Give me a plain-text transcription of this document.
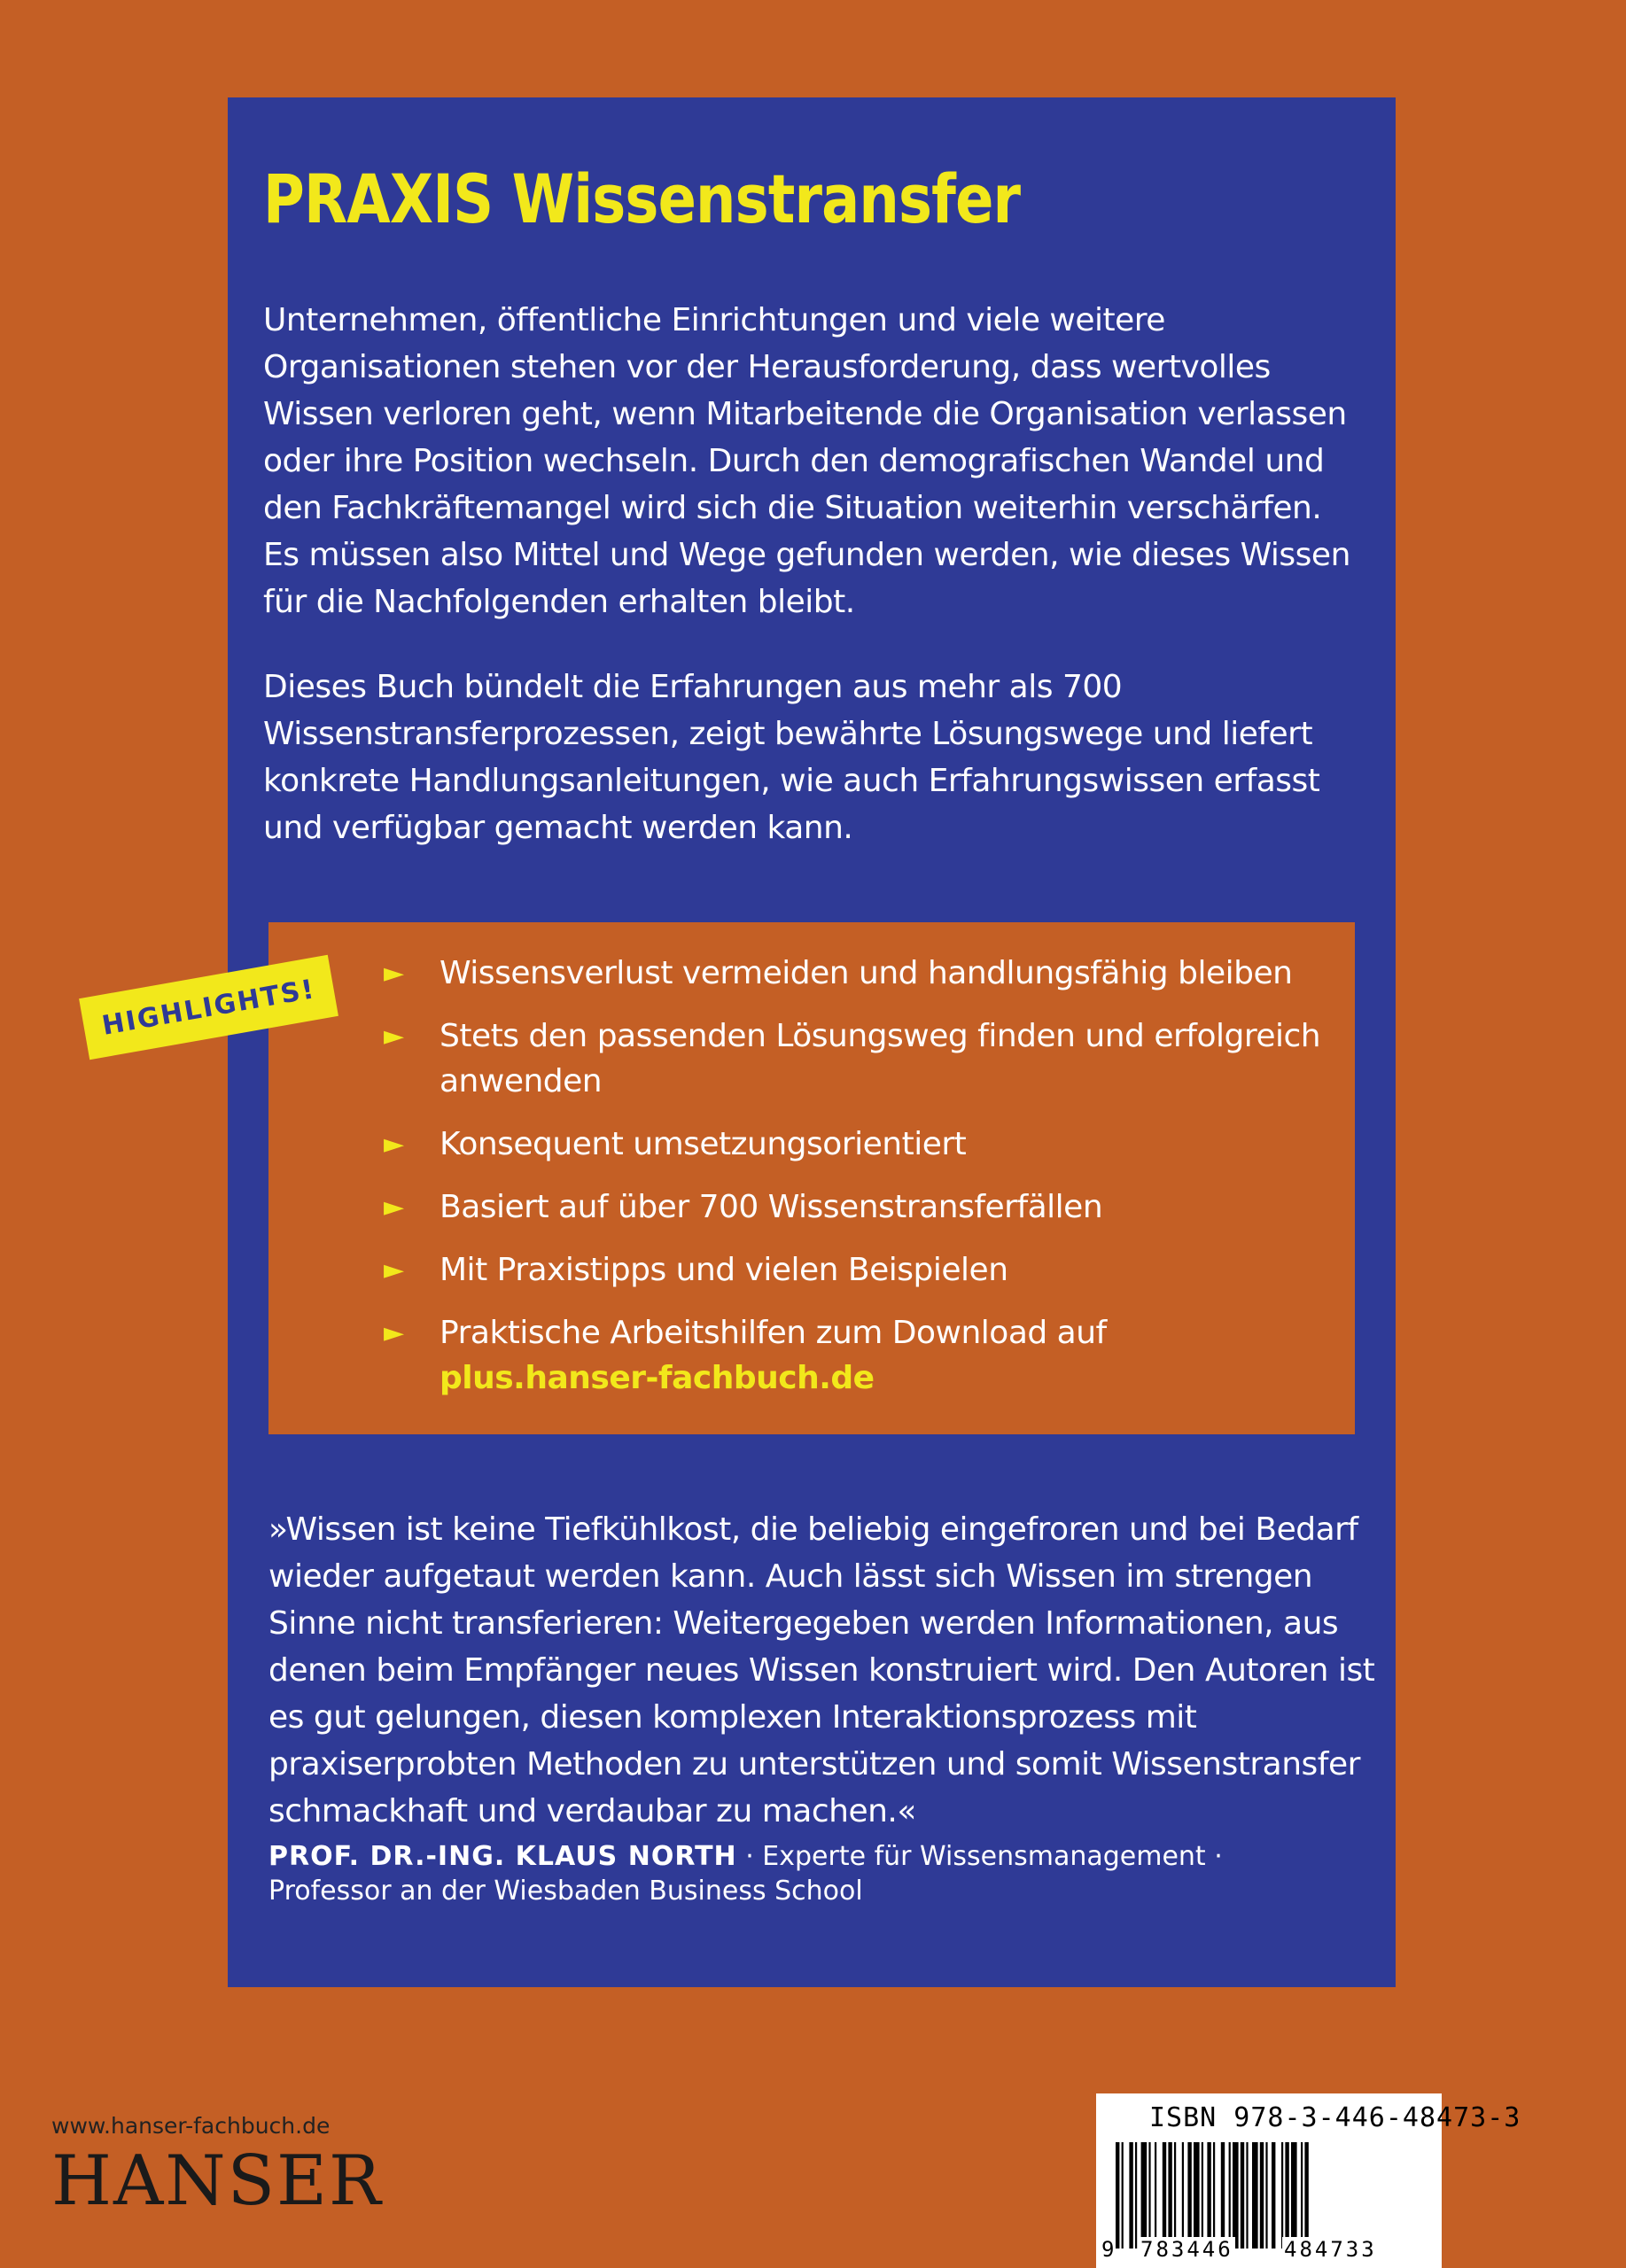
PRAXIS Wissenstransfer

Unternehmen, öffentliche Einrichtungen und viele weitere Organisationen stehen vor der Herausforderung, dass wertvolles Wissen verloren geht, wenn Mitarbeitende die Organisation verlassen oder ihre Position wechseln. Durch den demografischen Wandel und den Fachkräftemangel wird sich die Situation weiterhin verschärfen. Es müssen also Mittel und Wege gefunden werden, wie dieses Wissen für die Nachfolgenden erhalten bleibt.

Dieses Buch bündelt die Erfahrungen aus mehr als 700 Wissenstransferprozessen, zeigt bewährte Lösungswege und liefert konkrete Handlungsanleitungen, wie auch Erfahrungswissen erfasst und verfügbar gemacht werden kann.

► Wissensverlust vermeiden und handlungsfähig bleiben
► Stets den passenden Lösungsweg finden und erfolgreich anwenden
► Konsequent umsetzungsorientiert
► Basiert auf über 700 Wissenstransferfällen
► Mit Praxistipps und vielen Beispielen
► Praktische Arbeitshilfen zum Download auf
plus.hanser-fachbuch.de

»Wissen ist keine Tiefkühlkost, die beliebig eingefroren und bei Bedarf wieder aufgetaut werden kann. Auch lässt sich Wissen im strengen Sinne nicht transferieren: Weitergegeben werden Informationen, aus denen beim Empfänger neues Wissen konstruiert wird. Den Autoren ist es gut gelungen, diesen komplexen Interaktionsprozess mit praxiserprobten Methoden zu unterstützen und somit Wissenstransfer schmackhaft und verdaubar zu machen.«

PROF. DR.-ING. KLAUS NORTH · Experte für Wissensmanagement ·
Professor an der Wiesbaden Business School
HIGHLIGHTS!
www.hanser-fachbuch.de
HANSER
ISBN 978-3-446-48473-3
9 783446 484733
